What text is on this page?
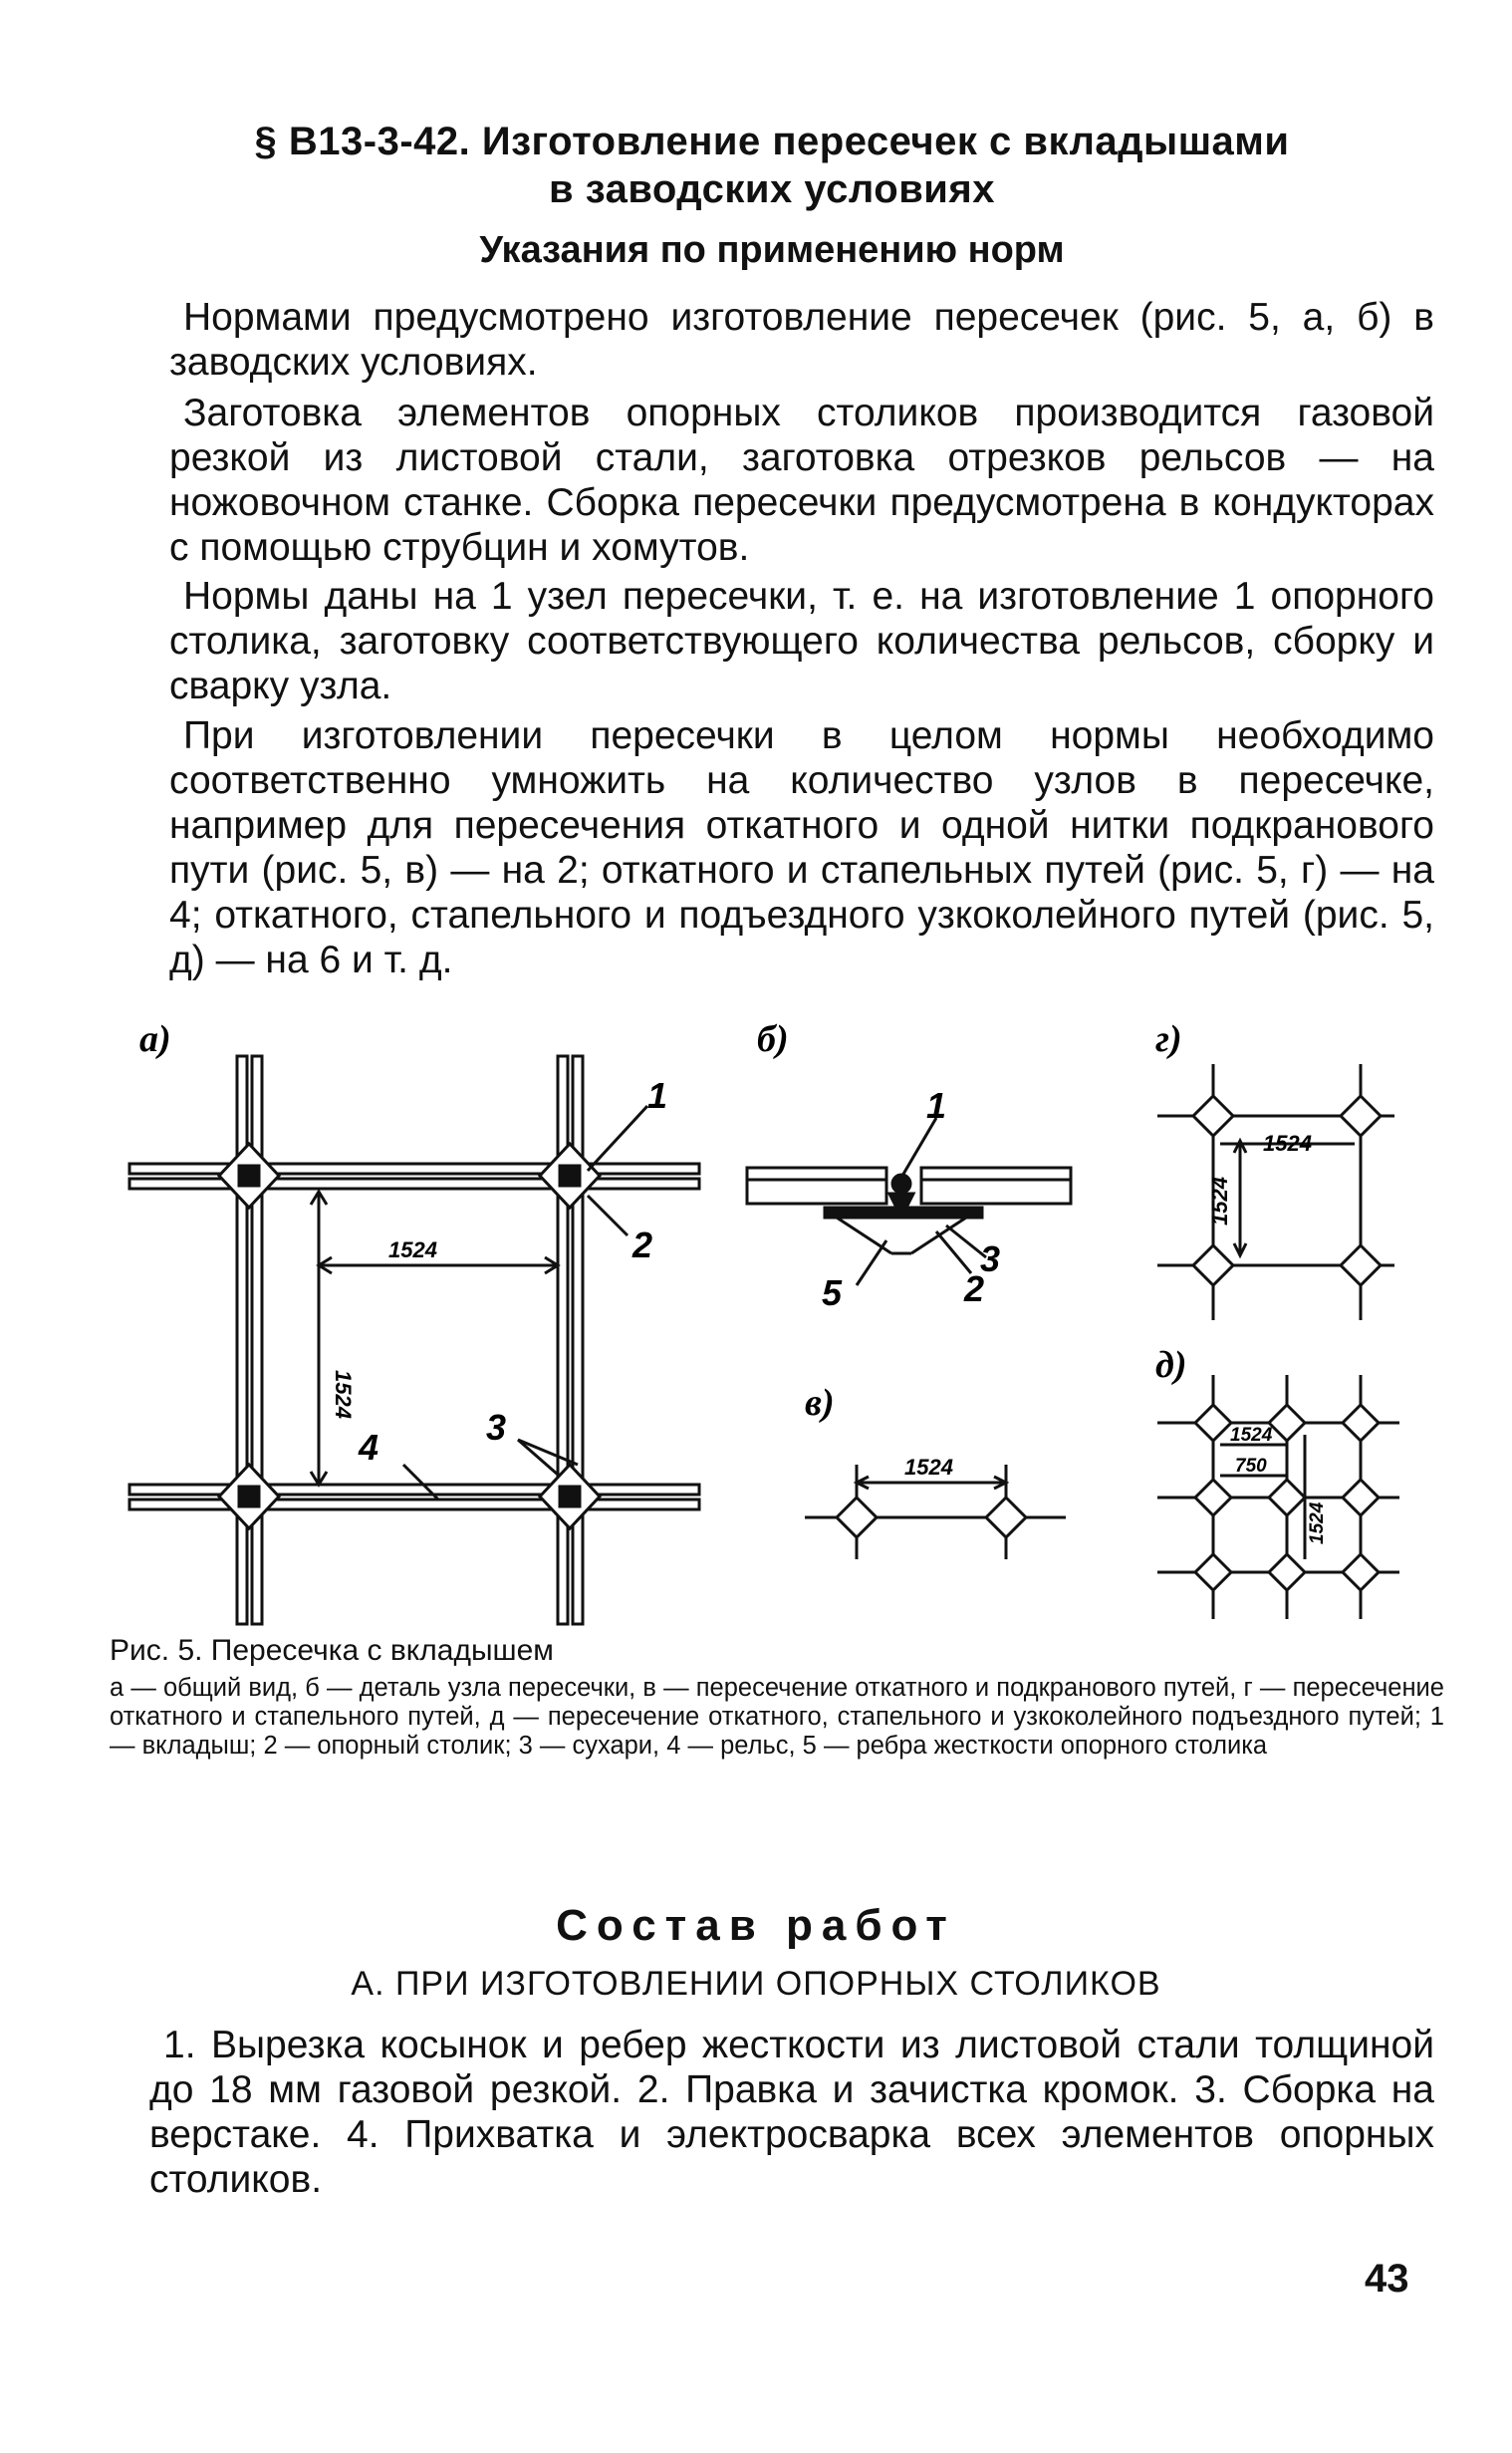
§ В13-3-42. Изготовление пересечек с вкладышами
в заводских условиях
Указания по применению норм
Нормами предусмотрено изготовление пересечек (рис. 5, а, б) в заводских условиях.
Заготовка элементов опорных столиков производится газовой резкой из листовой стали, заготовка отрезков рельсов — на ножовочном станке. Сборка пересечки предусмотрена в кондукторах с помощью струбцин и хомутов.
Нормы даны на 1 узел пересечки, т. е. на изготовление 1 опорного столика, заготовку соответствующего количества рельсов, сборку и сварку узла.
При изготовлении пересечки в целом нормы необходимо соответственно умножить на количество узлов в пересечке, например для пересечения откатного и одной нитки подкранового пути (рис. 5, в) — на 2; откатного и стапельных путей (рис. 5, г) — на 4; откатного, стапельного и подъездного узкоколейного путей (рис. 5, д) — на 6 и т. д.
а)	б)	г)
в)
д)
1524
1524
1524
1524
1524
1524
750
1524
1
2
4	3
1
5	2
3
Рис. 5. Пересечка с вкладышем
а — общий вид, б — деталь узла пересечки, в — пересечение откатного и подкранового путей, г — пересечение откатного и стапельного путей, д — пересечение откатного, стапельного и узкоколейного подъездного путей; 1 — вкладыш; 2 — опорный столик; 3 — сухари, 4 — рельс, 5 — ребра жесткости опорного столика
Состав работ
А. ПРИ ИЗГОТОВЛЕНИИ ОПОРНЫХ СТОЛИКОВ
1. Вырезка косынок и ребер жесткости из листовой стали толщиной до 18 мм газовой резкой. 2. Правка и зачистка кромок. 3. Сборка на верстаке. 4. Прихватка и электросварка всех элементов опорных столиков.
43
